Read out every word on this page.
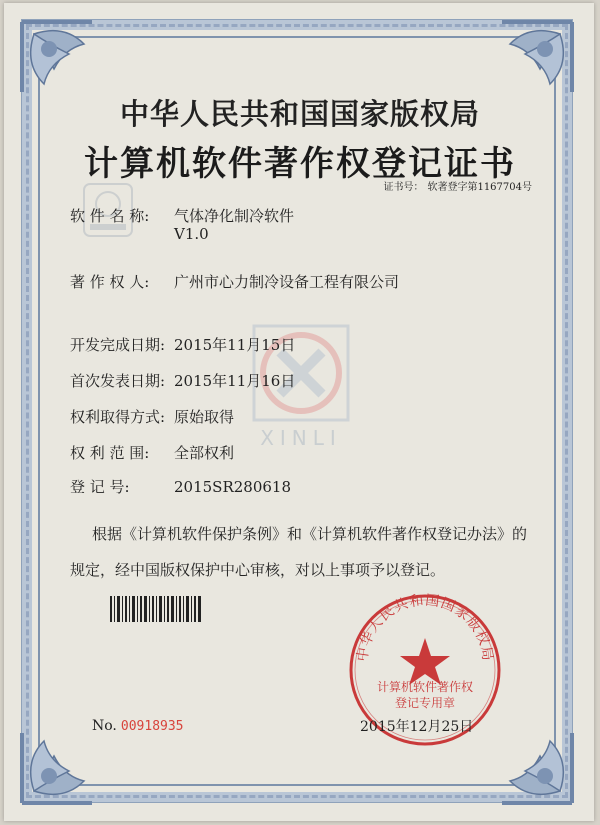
中华人民共和国国家版权局
计算机软件著作权登记证书
证书号： 软著登字第1167704号
XINLI
软 件 名 称: 气体净化制冷软件
V1.0
著 作 权 人: 广州市心力制冷设备工程有限公司
开发完成日期: 2015年11月15日
首次发表日期: 2015年11月16日
权利取得方式: 原始取得
权 利 范 围: 全部权利
登 记 号:	2015SR280618
根据《计算机软件保护条例》和《计算机软件著作权登记办法》的
规定，经中国版权保护中心审核，对以上事项予以登记。
No. 00918935
中华人民共和国国家版权局
计算机软件著作权
登记专用章
2015年12月25日
